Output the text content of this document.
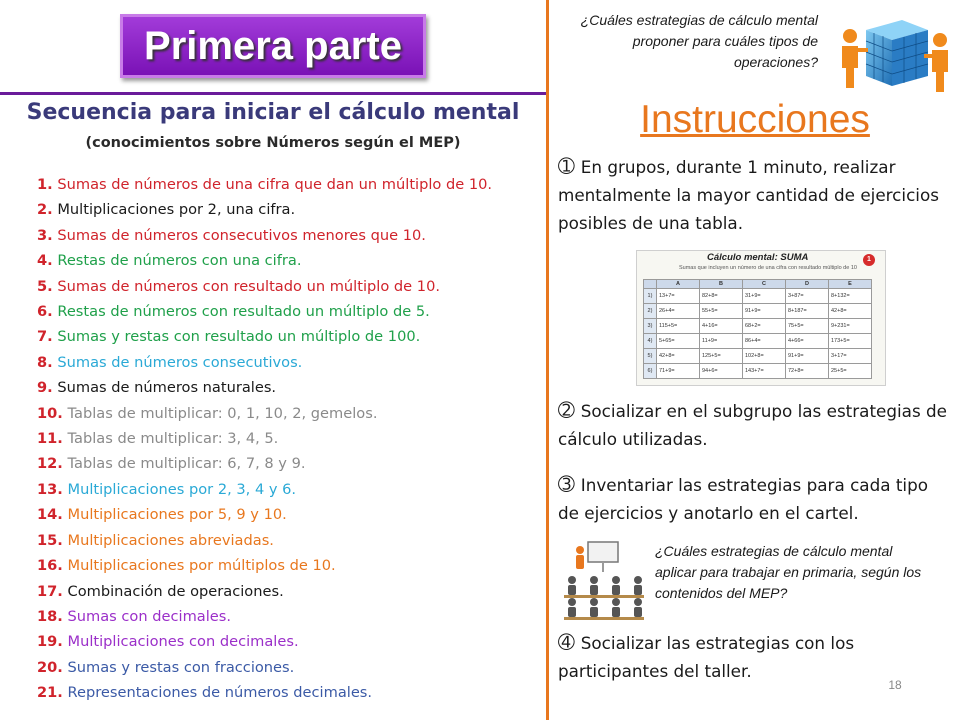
Primera parte
Secuencia para iniciar el cálculo mental
(conocimientos sobre Números según el MEP)
1. Sumas de números de una cifra que dan un múltiplo de 10.
2. Multiplicaciones por 2, una cifra.
3. Sumas de números consecutivos menores que 10.
4. Restas de números con una cifra.
5. Sumas de números con resultado un múltiplo de 10.
6. Restas de números con resultado un múltiplo de 5.
7. Sumas y restas con resultado un múltiplo de 100.
8. Sumas de números consecutivos.
9. Sumas de números naturales.
10. Tablas de multiplicar: 0, 1, 10, 2, gemelos.
11. Tablas de multiplicar: 3, 4, 5.
12. Tablas de multiplicar: 6, 7, 8 y 9.
13. Multiplicaciones por 2, 3, 4 y 6.
14. Multiplicaciones por 5, 9 y 10.
15. Multiplicaciones abreviadas.
16. Multiplicaciones por múltiplos de 10.
17. Combinación de operaciones.
18. Sumas con decimales.
19. Multiplicaciones con decimales.
20. Sumas y restas con fracciones.
21. Representaciones de números decimales.
¿Cuáles estrategias de cálculo mental proponer para cuáles tipos de operaciones?
Instrucciones
➀ En grupos, durante 1 minuto, realizar mentalmente la mayor cantidad de ejercicios posibles de una tabla.
Cálculo mental: SUMA	1
Sumas que incluyen un número de una cifra con resultado múltiplo de 10
	A	B	C	D	E
1)	13+7=	82+8=	31+9=	3+87=	8+132=
2)	26+4=	55+5=	91+9=	8+187=	42+8=
3)	115+5=	4+16=	68+2=	75+5=	9+231=
4)	5+65=	11+9=	86+4=	4+66=	173+5=
5)	42+8=	125+5=	102+8=	91+9=	3+17=
6)	71+9=	94+6=	143+7=	72+8=	25+5=
➁ Socializar en el subgrupo las estrategias de cálculo utilizadas.
➂ Inventariar las estrategias para cada tipo de ejercicios y anotarlo en el cartel.
¿Cuáles estrategias de cálculo mental aplicar para trabajar en primaria, según los contenidos del MEP?
➃ Socializar las estrategias con los participantes del taller.
18
